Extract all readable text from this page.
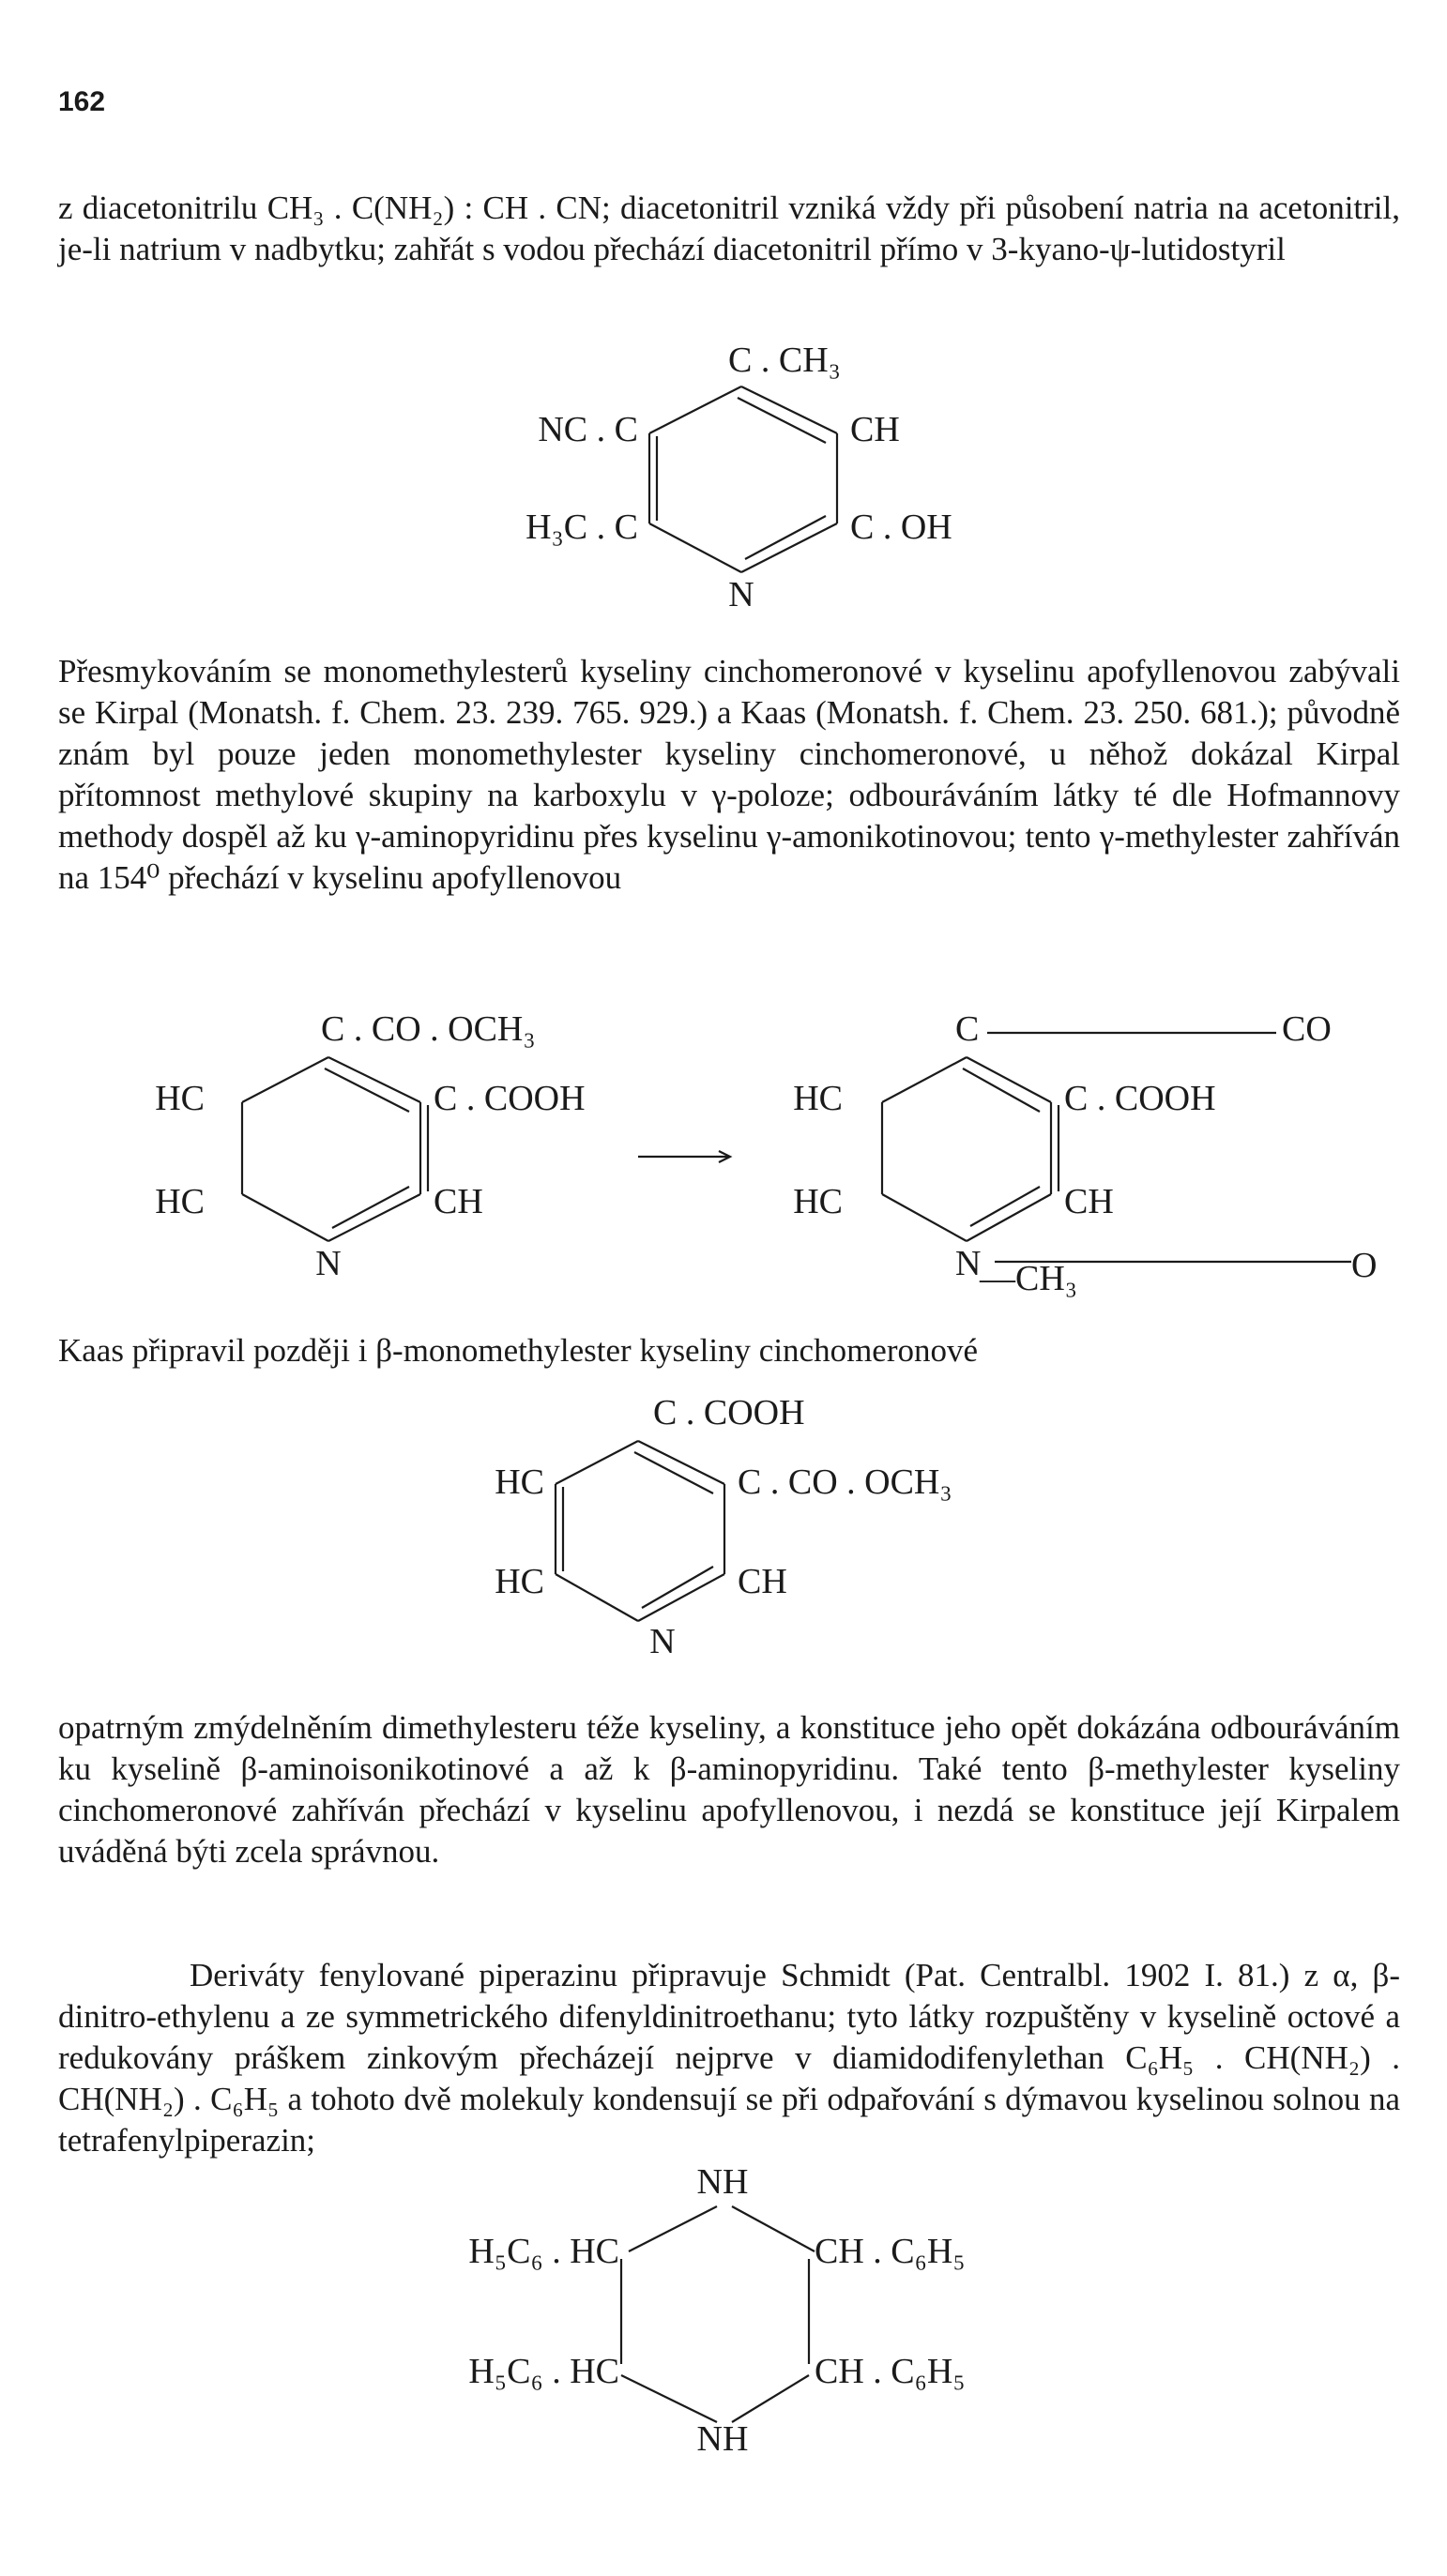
162
z diacetonitrilu CH₃ . C(NH₂) : CH . CN; diacetonitril vzniká vždy při působení natria na acetonitril, je-li natrium v nadbytku; zahřát s vodou přechází diacetonitril přímo v 3-kyano-ψ-lutidostyril
C . CH₃
NC . C	CH
H₃C . C	C . OH
N
Přesmykováním se monomethylesterů kyseliny cinchomeronové v kyselinu apofyllenovou zabývali se Kirpal (Monatsh. f. Chem. 23. 239. 765. 929.) a Kaas (Monatsh. f. Chem. 23. 250. 681.); původně znám byl pouze jeden monomethylester kyseliny cinchomeronové, u něhož dokázal Kirpal přítomnost methylové skupiny na karboxylu v γ-poloze; odbouráváním látky té dle Hofmannovy methody dospěl až ku γ-aminopyridinu přes kyselinu γ-amonikotinovou; tento γ-methylester zahříván na 154⁰ přechází v kyselinu apofyllenovou
C . CO . OCH₃
HC	C . COOH
HC	CH
N
C	CO
HC	C . COOH
HC	CH
N
—CH₃	O
Kaas připravil později i β-monomethylester kyseliny cinchomeronové
C . COOH
HC	C . CO . OCH₃
HC	CH
N
opatrným zmýdelněním dimethylesteru téže kyseliny, a konstituce jeho opět dokázána odbouráváním ku kyselině β-aminoisonikotinové a až k β-aminopyridinu. Také tento β-methylester kyseliny cinchomeronové zahříván přechází v kyselinu apofyllenovou, i nezdá se konstituce její Kirpalem uváděná býti zcela správnou.
Deriváty fenylované piperazinu připravuje Schmidt (Pat. Centralbl. 1902 I. 81.) z α, β-dinitro-ethylenu a ze symmetrického difenyldinitroethanu; tyto látky rozpuštěny v kyselině octové a redukovány práškem zinkovým přecházejí nejprve v diamidodifenylethan C₆H₅ . CH(NH₂) . CH(NH₂) . C₆H₅ a tohoto dvě molekuly kondensují se při odpařování s dýmavou kyselinou solnou na tetrafenylpiperazin;
NH
H₅C₆ . HC	CH . C₆H₅
H₅C₆ . HC	CH . C₆H₅
NH
